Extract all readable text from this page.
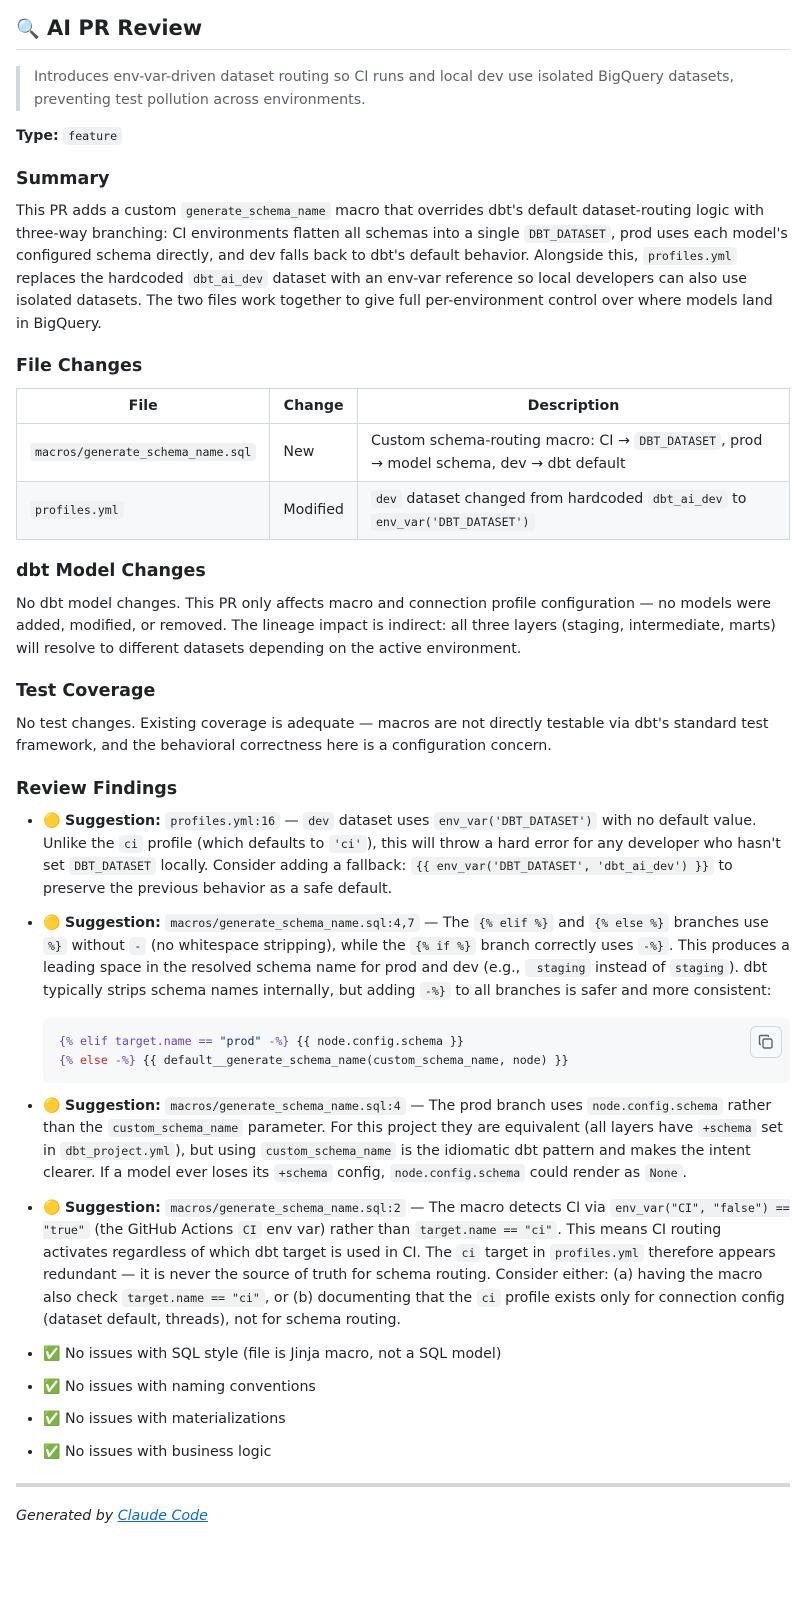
🔍 AI PR Review
Introduces env-var-driven dataset routing so CI runs and local dev use isolated BigQuery datasets, preventing test pollution across environments.

Type: feature

Summary

This PR adds a custom generate_schema_name macro that overrides dbt's default dataset-routing logic with three-way branching: CI environments flatten all schemas into a single DBT_DATASET , prod uses each model's configured schema directly, and dev falls back to dbt's default behavior. Alongside this, profiles.yml replaces the hardcoded dbt_ai_dev dataset with an env-var reference so local developers can also use isolated datasets. The two files work together to give full per-environment control over where models land in BigQuery.

File Changes
File	Change	Description
macros/generate_schema_name.sql	New	Custom schema-routing macro: CI → DBT_DATASET , prod → model schema, dev → dbt default
profiles.yml	Modified	dev dataset changed from hardcoded dbt_ai_dev to env_var('DBT_DATASET')
dbt Model Changes

No dbt model changes. This PR only affects macro and connection profile configuration — no models were added, modified, or removed. The lineage impact is indirect: all three layers (staging, intermediate, marts) will resolve to different datasets depending on the active environment.

Test Coverage

No test changes. Existing coverage is adequate — macros are not directly testable via dbt's standard test framework, and the behavioral correctness here is a configuration concern.

Review Findings
• 🟡 Suggestion: profiles.yml:16 — dev dataset uses env_var('DBT_DATASET') with no default value. Unlike the ci profile (which defaults to 'ci' ), this will throw a hard error for any developer who hasn't set DBT_DATASET locally. Consider adding a fallback: {{ env_var('DBT_DATASET', 'dbt_ai_dev') }} to preserve the previous behavior as a safe default.
• 🟡 Suggestion: macros/generate_schema_name.sql:4,7 — The {% elif %} and {% else %} branches use %} without - (no whitespace stripping), while the {% if %} branch correctly uses -%} . This produces a leading space in the resolved schema name for prod and dev (e.g.,  staging instead of staging ). dbt typically strips schema names internally, but adding -%} to all branches is safer and more consistent:
{% elif target.name == "prod" -%} {{ node.config.schema }}
{% else -%} {{ default__generate_schema_name(custom_schema_name, node) }}
• 🟡 Suggestion: macros/generate_schema_name.sql:4 — The prod branch uses node.config.schema rather than the custom_schema_name parameter. For this project they are equivalent (all layers have +schema set in dbt_project.yml ), but using custom_schema_name is the idiomatic dbt pattern and makes the intent clearer. If a model ever loses its +schema config, node.config.schema could render as None .
• 🟡 Suggestion: macros/generate_schema_name.sql:2 — The macro detects CI via env_var("CI", "false") == "true" (the GitHub Actions CI env var) rather than target.name == "ci" . This means CI routing activates regardless of which dbt target is used in CI. The ci target in profiles.yml therefore appears redundant — it is never the source of truth for schema routing. Consider either: (a) having the macro also check target.name == "ci" , or (b) documenting that the ci profile exists only for connection config (dataset default, threads), not for schema routing.
• ✅ No issues with SQL style (file is Jinja macro, not a SQL model)
• ✅ No issues with naming conventions
• ✅ No issues with materializations
• ✅ No issues with business logic

Generated by Claude Code
